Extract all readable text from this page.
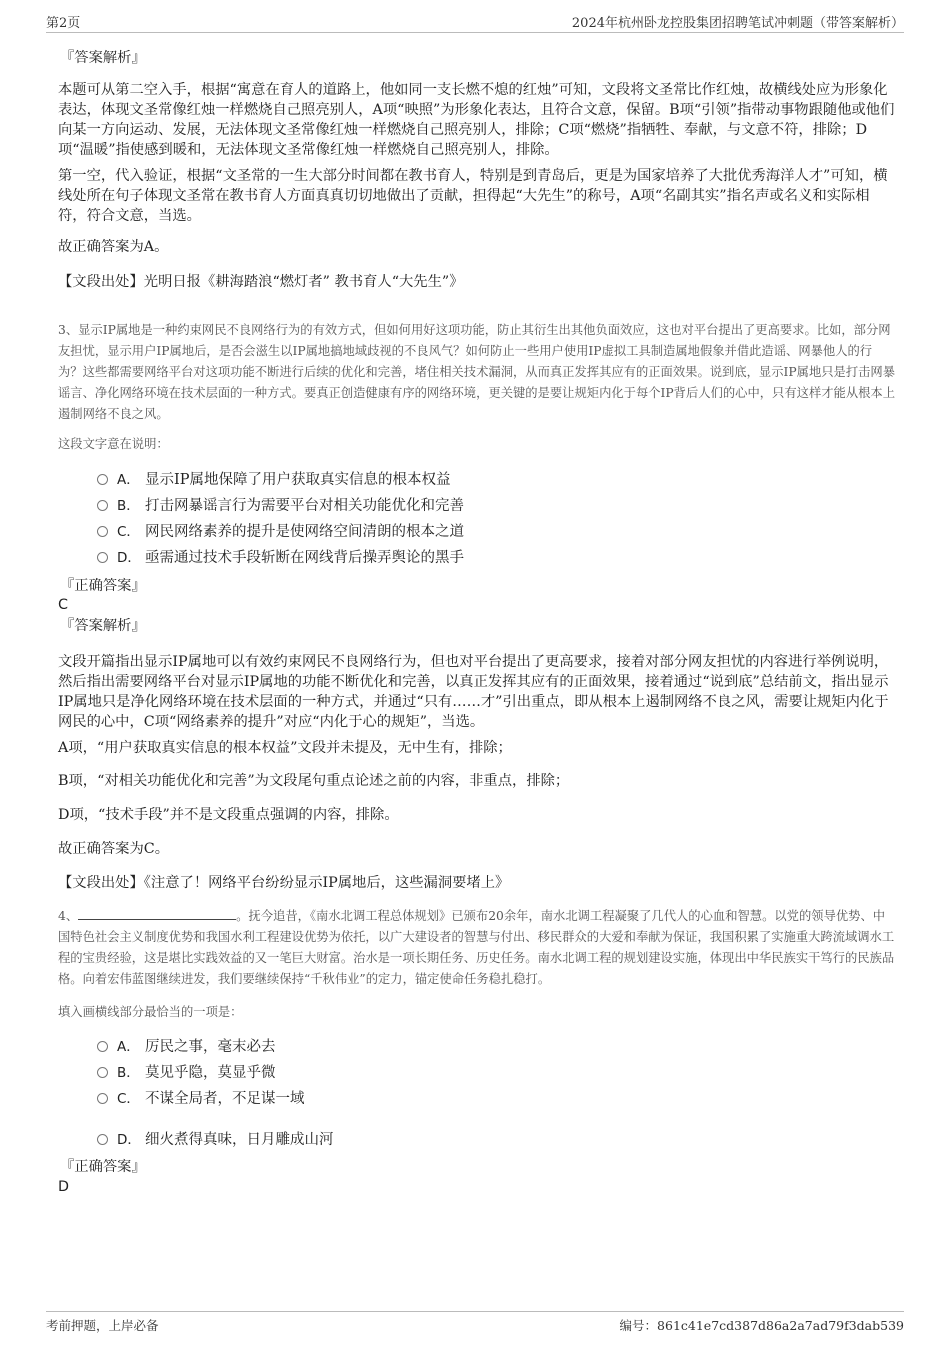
第2页	2024年杭州卧龙控股集团招聘笔试冲刺题（带答案解析）
『答案解析』
本题可从第二空入手，根据“寓意在育人的道路上，他如同一支长燃不熄的红烛”可知，文段将文圣常比作红烛，故横线处应为形象化表达，体现文圣常像红烛一样燃烧自己照亮别人，A项“映照”为形象化表达，且符合文意，保留。B项“引领”指带动事物跟随他或他们向某一方向运动、发展，无法体现文圣常像红烛一样燃烧自己照亮别人，排除；C项“燃烧”指牺牲、奉献，与文意不符，排除；D项“温暖”指使感到暖和，无法体现文圣常像红烛一样燃烧自己照亮别人，排除。
第一空，代入验证，根据“文圣常的一生大部分时间都在教书育人，特别是到青岛后，更是为国家培养了大批优秀海洋人才”可知，横线处所在句子体现文圣常在教书育人方面真真切切地做出了贡献，担得起“大先生”的称号，A项“名副其实”指名声或名义和实际相符，符合文意，当选。
故正确答案为A。
【文段出处】光明日报《耕海踏浪“燃灯者” 教书育人“大先生”》
3、显示IP属地是一种约束网民不良网络行为的有效方式，但如何用好这项功能，防止其衍生出其他负面效应，这也对平台提出了更高要求。比如，部分网友担忧，显示用户IP属地后，是否会滋生以IP属地搞地域歧视的不良风气？如何防止一些用户使用IP虚拟工具制造属地假象并借此造谣、网暴他人的行为？这些都需要网络平台对这项功能不断进行后续的优化和完善，堵住相关技术漏洞，从而真正发挥其应有的正面效果。说到底，显示IP属地只是打击网暴谣言、净化网络环境在技术层面的一种方式。要真正创造健康有序的网络环境，更关键的是要让规矩内化于每个IP背后人们的心中，只有这样才能从根本上遏制网络不良之风。
这段文字意在说明：
A． 显示IP属地保障了用户获取真实信息的根本权益
B． 打击网暴谣言行为需要平台对相关功能优化和完善
C． 网民网络素养的提升是使网络空间清朗的根本之道
D． 亟需通过技术手段斩断在网线背后操弄舆论的黑手
『正确答案』
C
『答案解析』
文段开篇指出显示IP属地可以有效约束网民不良网络行为，但也对平台提出了更高要求，接着对部分网友担忧的内容进行举例说明，然后指出需要网络平台对显示IP属地的功能不断优化和完善，以真正发挥其应有的正面效果，接着通过“说到底”总结前文，指出显示IP属地只是净化网络环境在技术层面的一种方式，并通过“只有……才”引出重点，即从根本上遏制网络不良之风，需要让规矩内化于网民的心中，C项“网络素养的提升”对应“内化于心的规矩”，当选。
A项，“用户获取真实信息的根本权益”文段并未提及，无中生有，排除；
B项，“对相关功能优化和完善”为文段尾句重点论述之前的内容，非重点，排除；
D项，“技术手段”并不是文段重点强调的内容，排除。
故正确答案为C。
【文段出处】《注意了！网络平台纷纷显示IP属地后，这些漏洞要堵上》
4、	。抚今追昔，《南水北调工程总体规划》已颁布20余年，南水北调工程凝聚了几代人的心血和智慧。以党的领导优势、中国特色社会主义制度优势和我国水利工程建设优势为依托，以广大建设者的智慧与付出、移民群众的大爱和奉献为保证，我国积累了实施重大跨流域调水工程的宝贵经验，这是堪比实践效益的又一笔巨大财富。治水是一项长期任务、历史任务。南水北调工程的规划建设实施，体现出中华民族实干笃行的民族品格。向着宏伟蓝图继续进发，我们要继续保持“千秋伟业”的定力，锚定使命任务稳扎稳打。
填入画横线部分最恰当的一项是：
A． 厉民之事，毫末必去
B． 莫见乎隐，莫显乎微
C． 不谋全局者，不足谋一域
D． 细火煮得真味，日月雕成山河
『正确答案』
D
考前押题，上岸必备	编号：861c41e7cd387d86a2a7ad79f3dab539
